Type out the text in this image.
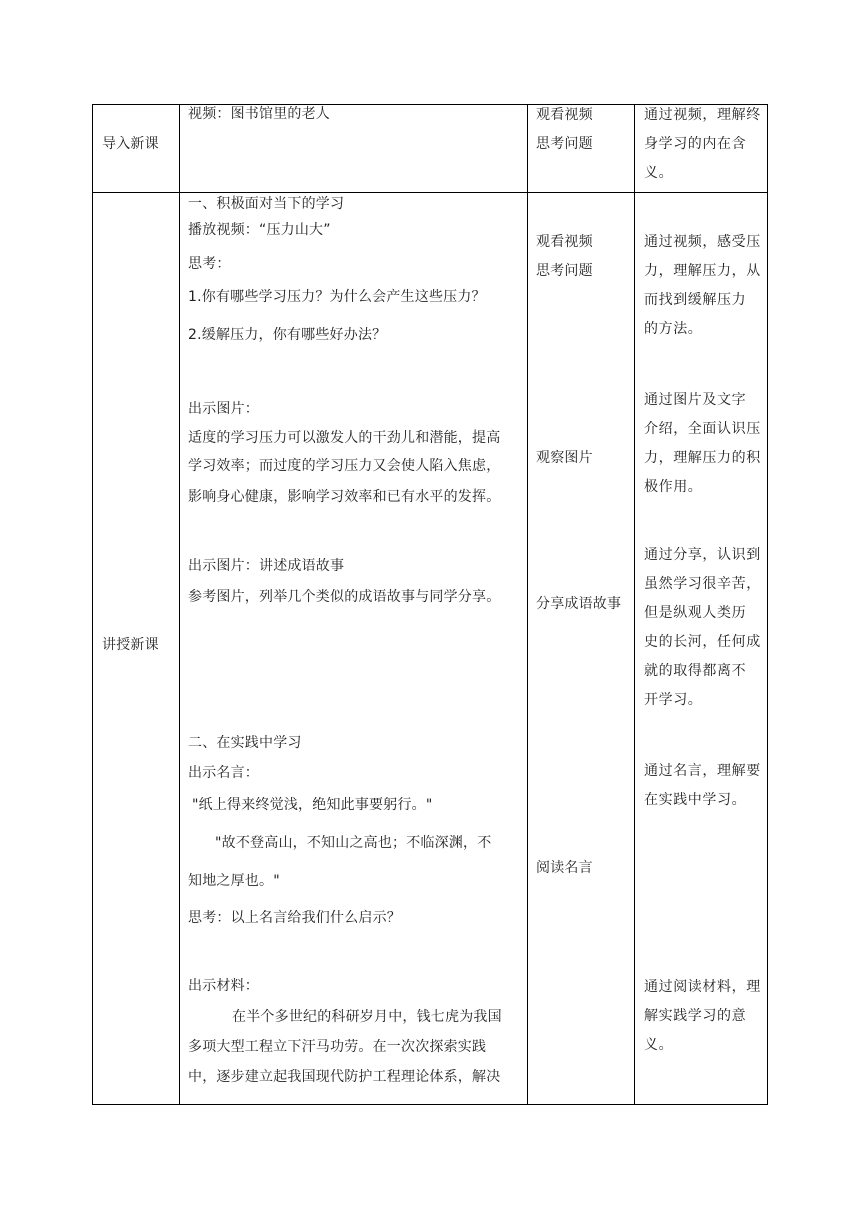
导入新课
视频：图书馆里的老人	观看视频
思考问题
通过视频，理解终
身学习的内在含
义。
讲授新课
一、积极面对当下的学习
播放视频：“压力山大”
思考：
1.你有哪些学习压力？为什么会产生这些压力？
2.缓解压力，你有哪些好办法？
出示图片：
适度的学习压力可以激发人的干劲儿和潜能，提高
学习效率；而过度的学习压力又会使人陷入焦虑，
影响身心健康，影响学习效率和已有水平的发挥。
出示图片：讲述成语故事
参考图片，列举几个类似的成语故事与同学分享。
二、在实践中学习
出示名言：
"纸上得来终觉浅，绝知此事要躬行。"
"故不登高山，不知山之高也；不临深渊，不
知地之厚也。"
思考：以上名言给我们什么启示？
出示材料：
在半个多世纪的科研岁月中，钱七虎为我国
多项大型工程立下汗马功劳。在一次次探索实践
中，逐步建立起我国现代防护工程理论体系，解决
观看视频
思考问题
观察图片
分享成语故事
阅读名言
通过视频，感受压
力，理解压力，从
而找到缓解压力
的方法。
通过图片及文字
介绍，全面认识压
力，理解压力的积
极作用。
通过分享，认识到
虽然学习很辛苦，
但是纵观人类历
史的长河，任何成
就的取得都离不
开学习。
通过名言，理解要
在实践中学习。
通过阅读材料，理
解实践学习的意
义。
